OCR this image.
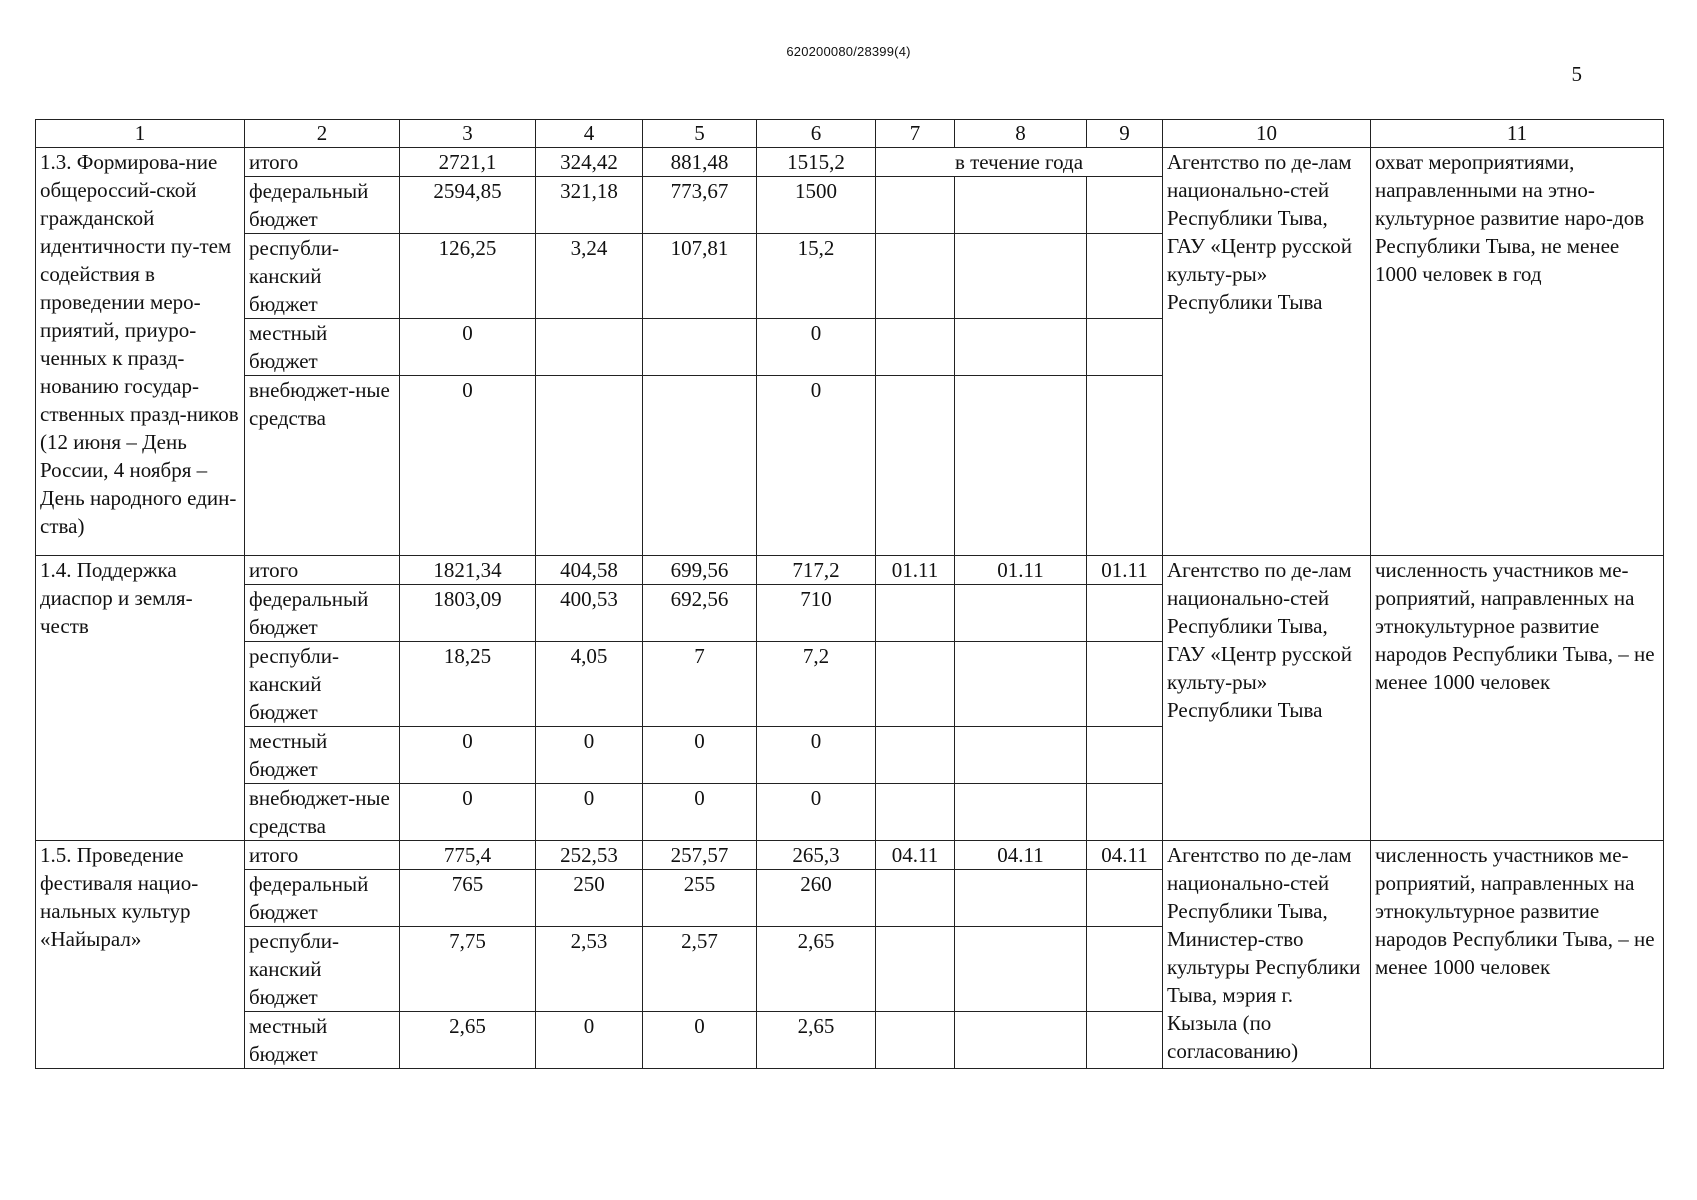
620200080/28399(4)
5
1	2	3	4	5	6	7	8	9	10	11
1.3. Формирова-ние общероссий-ской гражданской идентичности пу-тем содействия в проведении меро-приятий, приуро-ченных к празд-нованию государ-ственных празд-ников (12 июня – День России, 4 ноября – День народного един-ства)	итого	2721,1	324,42	881,48	1515,2	в течение года			Агентство по де-лам национально-стей Республики Тыва, ГАУ «Центр русской культу-ры» Республики Тыва	охват мероприятиями, направленными на этно-культурное развитие наро-дов Республики Тыва, не менее 1000 человек в год
	федеральный бюджет	2594,85	321,18	773,67	1500					
	республи-канский бюджет	126,25	3,24	107,81	15,2					
	местный бюджет	0			0					
	внебюджет-ные средства	0			0					
1.4. Поддержка диаспор и земля-честв	итого	1821,34	404,58	699,56	717,2	01.11	01.11	01.11	Агентство по де-лам национально-стей Республики Тыва, ГАУ «Центр русской культу-ры» Республики Тыва	численность участников ме-роприятий, направленных на этнокультурное развитие народов Республики Тыва, – не менее 1000 человек
	федеральный бюджет	1803,09	400,53	692,56	710					
	республи-канский бюджет	18,25	4,05	7	7,2					
	местный бюджет	0	0	0	0					
	внебюджет-ные средства	0	0	0	0					
1.5. Проведение фестиваля нацио-нальных культур «Найырал»	итого	775,4	252,53	257,57	265,3	04.11	04.11	04.11	Агентство по де-лам национально-стей Республики Тыва, Министер-ство культуры Республики Тыва, мэрия г. Кызыла (по согласованию)	численность участников ме-роприятий, направленных на этнокультурное развитие народов Республики Тыва, – не менее 1000 человек
	федеральный бюджет	765	250	255	260					
	республи-канский бюджет	7,75	2,53	2,57	2,65					
	местный бюджет	2,65	0	0	2,65					
